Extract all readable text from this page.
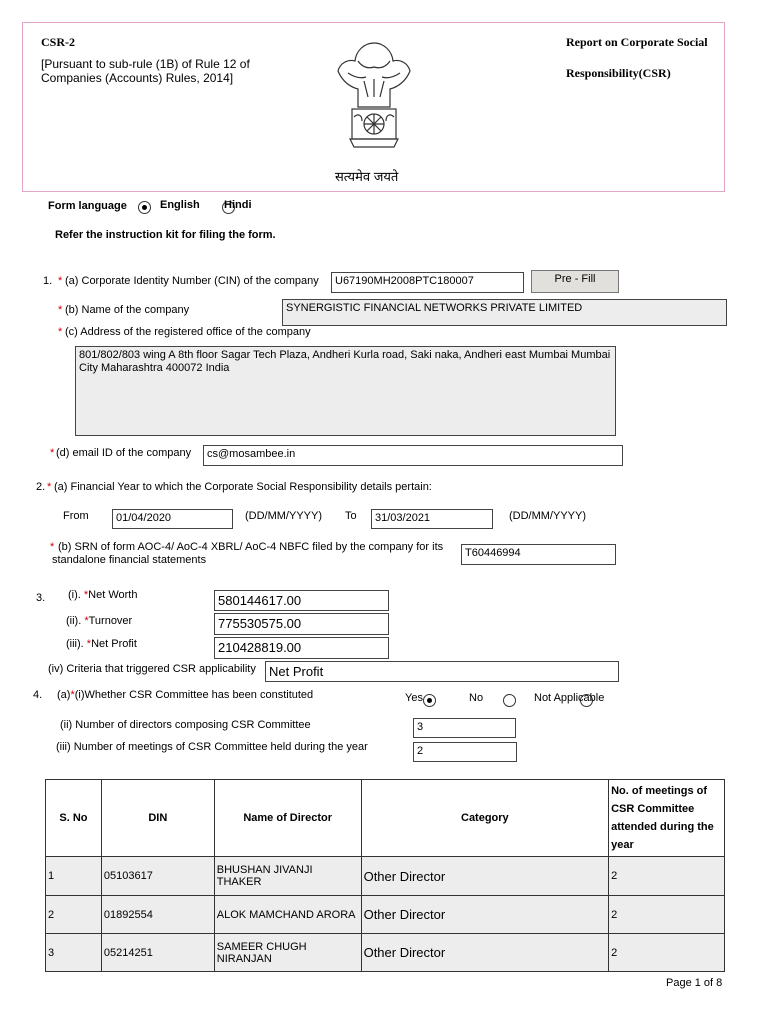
CSR-2
[Pursuant to sub-rule (1B) of Rule 12 of Companies (Accounts) Rules, 2014]
Report on Corporate Social
Responsibility(CSR)
सत्यमेव जयते
Form language
	English
Hindi
Refer the instruction kit for filing the form.
1. * (a) Corporate Identity Number (CIN) of the company	U67190MH2008PTC180007	Pre - Fill
* (b) Name of the company	SYNERGISTIC FINANCIAL NETWORKS PRIVATE LIMITED
* (c) Address of the registered office of the company
801/802/803 wing A 8th floor Sagar Tech Plaza, Andheri Kurla road, Saki naka, Andheri east Mumbai Mumbai City Maharashtra 400072 India
* (d) email ID of the company	cs@mosambee.in
2. * (a) Financial Year to which the Corporate Social Responsibility details pertain:
From	01/04/2020	(DD/MM/YYYY) To	31/03/2021	(DD/MM/YYYY)
* (b) SRN of form AOC-4/ AoC-4 XBRL/ AoC-4 NBFC filed by the company for its standalone financial statements
T60446994
3. (i). *Net Worth	580144617.00
(ii). *Turnover	775530575.00
(iii). *Net Profit	210428819.00
(iv) Criteria that triggered CSR applicability	Net Profit
4. (a)*(i)Whether CSR Committee has been constituted
	Yes
	No	Not Applicable
(ii) Number of directors composing CSR Committee	3
(iii) Number of meetings of CSR Committee held during the year	2
S. No	DIN	Name of Director	Category	No. of meetings of CSR Committee attended during the year
1	05103617	BHUSHAN JIVANJI THAKER	Other Director	2
2	01892554	ALOK MAMCHAND ARORA	Other Director	2
3	05214251	SAMEER CHUGH NIRANJAN	Other Director	2
Page 1 of 8
